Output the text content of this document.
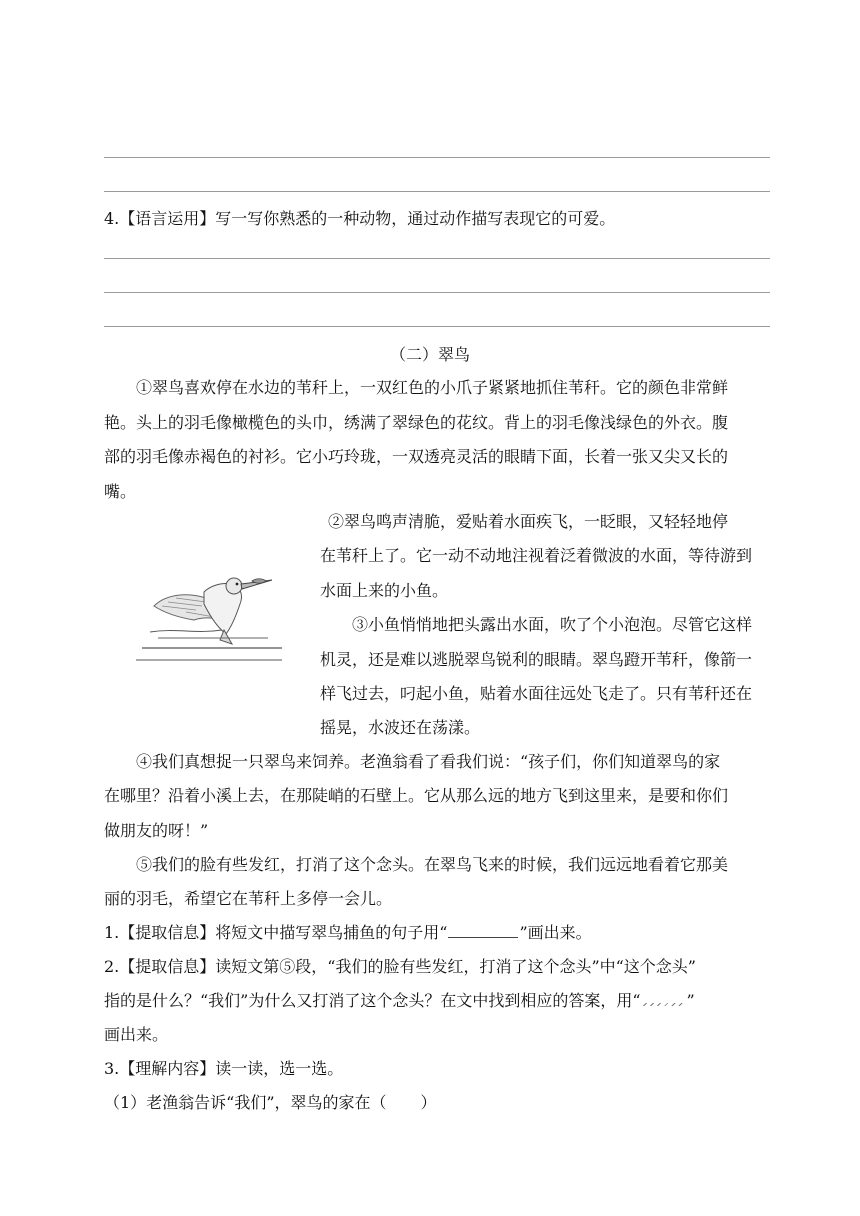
4.【语言运用】写一写你熟悉的一种动物，通过动作描写表现它的可爱。
（二）翠鸟
①翠鸟喜欢停在水边的苇秆上，一双红色的小爪子紧紧地抓住苇秆。它的颜色非常鲜
艳。头上的羽毛像橄榄色的头巾，绣满了翠绿色的花纹。背上的羽毛像浅绿色的外衣。腹
部的羽毛像赤褐色的衬衫。它小巧玲珑，一双透亮灵活的眼睛下面，长着一张又尖又长的
嘴。
②翠鸟鸣声清脆，爱贴着水面疾飞，一眨眼，又轻轻地停
在苇秆上了。它一动不动地注视着泛着微波的水面，等待游到
水面上来的小鱼。
③小鱼悄悄地把头露出水面，吹了个小泡泡。尽管它这样
机灵，还是难以逃脱翠鸟锐利的眼睛。翠鸟蹬开苇秆，像箭一
样飞过去，叼起小鱼，贴着水面往远处飞走了。只有苇秆还在
摇晃，水波还在荡漾。
④我们真想捉一只翠鸟来饲养。老渔翁看了看我们说：“孩子们，你们知道翠鸟的家
在哪里？沿着小溪上去，在那陡峭的石壁上。它从那么远的地方飞到这里来，是要和你们
做朋友的呀！”
⑤我们的脸有些发红，打消了这个念头。在翠鸟飞来的时候，我们远远地看着它那美
丽的羽毛，希望它在苇秆上多停一会儿。
1.【提取信息】将短文中描写翠鸟捕鱼的句子用“	”画出来。
2.【提取信息】读短文第⑤段，“我们的脸有些发红，打消了这个念头”中“这个念头”
指的是什么？“我们”为什么又打消了这个念头？在文中找到相应的答案，用“	”
画出来。
3.【理解内容】读一读，选一选。
（1）老渔翁告诉“我们”，翠鸟的家在（ ）
